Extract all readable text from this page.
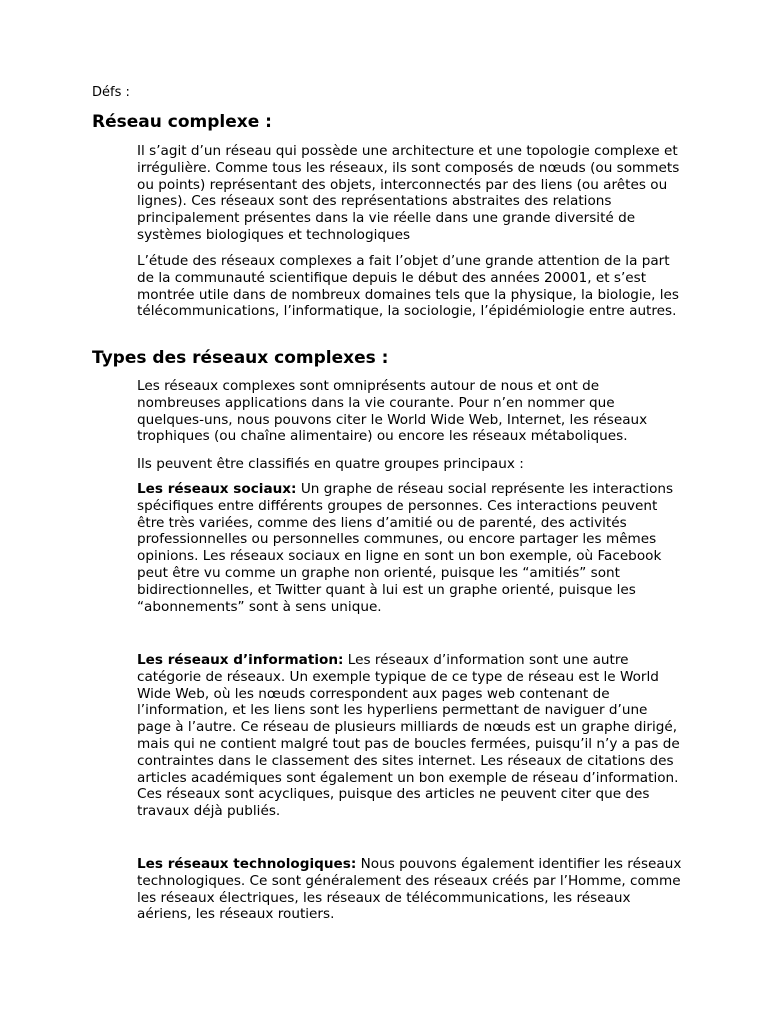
Défs :
Réseau complexe :

Il s’agit d’un réseau qui possède une architecture et une topologie complexe et irrégulière. Comme tous les réseaux, ils sont composés de nœuds (ou sommets ou points) représentant des objets, interconnectés par des liens (ou arêtes ou lignes). Ces réseaux sont des représentations abstraites des relations principalement présentes dans la vie réelle dans une grande diversité de systèmes biologiques et technologiques

L’étude des réseaux complexes a fait l’objet d’une grande attention de la part de la communauté scientifique depuis le début des années 20001, et s’est montrée utile dans de nombreux domaines tels que la physique, la biologie, les télécommunications, l’informatique, la sociologie, l’épidémiologie entre autres.

Types des réseaux complexes :

Les réseaux complexes sont omniprésents autour de nous et ont de nombreuses applications dans la vie courante. Pour n’en nommer que quelques-uns, nous pouvons citer le World Wide Web, Internet, les réseaux trophiques (ou chaîne alimentaire) ou encore les réseaux métaboliques.

Ils peuvent être classifiés en quatre groupes principaux :

Les réseaux sociaux: Un graphe de réseau social représente les interactions spécifiques entre différents groupes de personnes. Ces interactions peuvent être très variées, comme des liens d’amitié ou de parenté, des activités professionnelles ou personnelles communes, ou encore partager les mêmes opinions. Les réseaux sociaux en ligne en sont un bon exemple, où Facebook peut être vu comme un graphe non orienté, puisque les “amitiés” sont bidirectionnelles, et Twitter quant à lui est un graphe orienté, puisque les “abonnements” sont à sens unique.

Les réseaux d’information: Les réseaux d’information sont une autre catégorie de réseaux. Un exemple typique de ce type de réseau est le World Wide Web, où les nœuds correspondent aux pages web contenant de l’information, et les liens sont les hyperliens permettant de naviguer d’une page à l’autre. Ce réseau de plusieurs milliards de nœuds est un graphe dirigé, mais qui ne contient malgré tout pas de boucles fermées, puisqu’il n’y a pas de contraintes dans le classement des sites internet. Les réseaux de citations des articles académiques sont également un bon exemple de réseau d’information. Ces réseaux sont acycliques, puisque des articles ne peuvent citer que des travaux déjà publiés.

Les réseaux technologiques: Nous pouvons également identifier les réseaux technologiques. Ce sont généralement des réseaux créés par l’Homme, comme les réseaux électriques, les réseaux de télécommunications, les réseaux aériens, les réseaux routiers.
